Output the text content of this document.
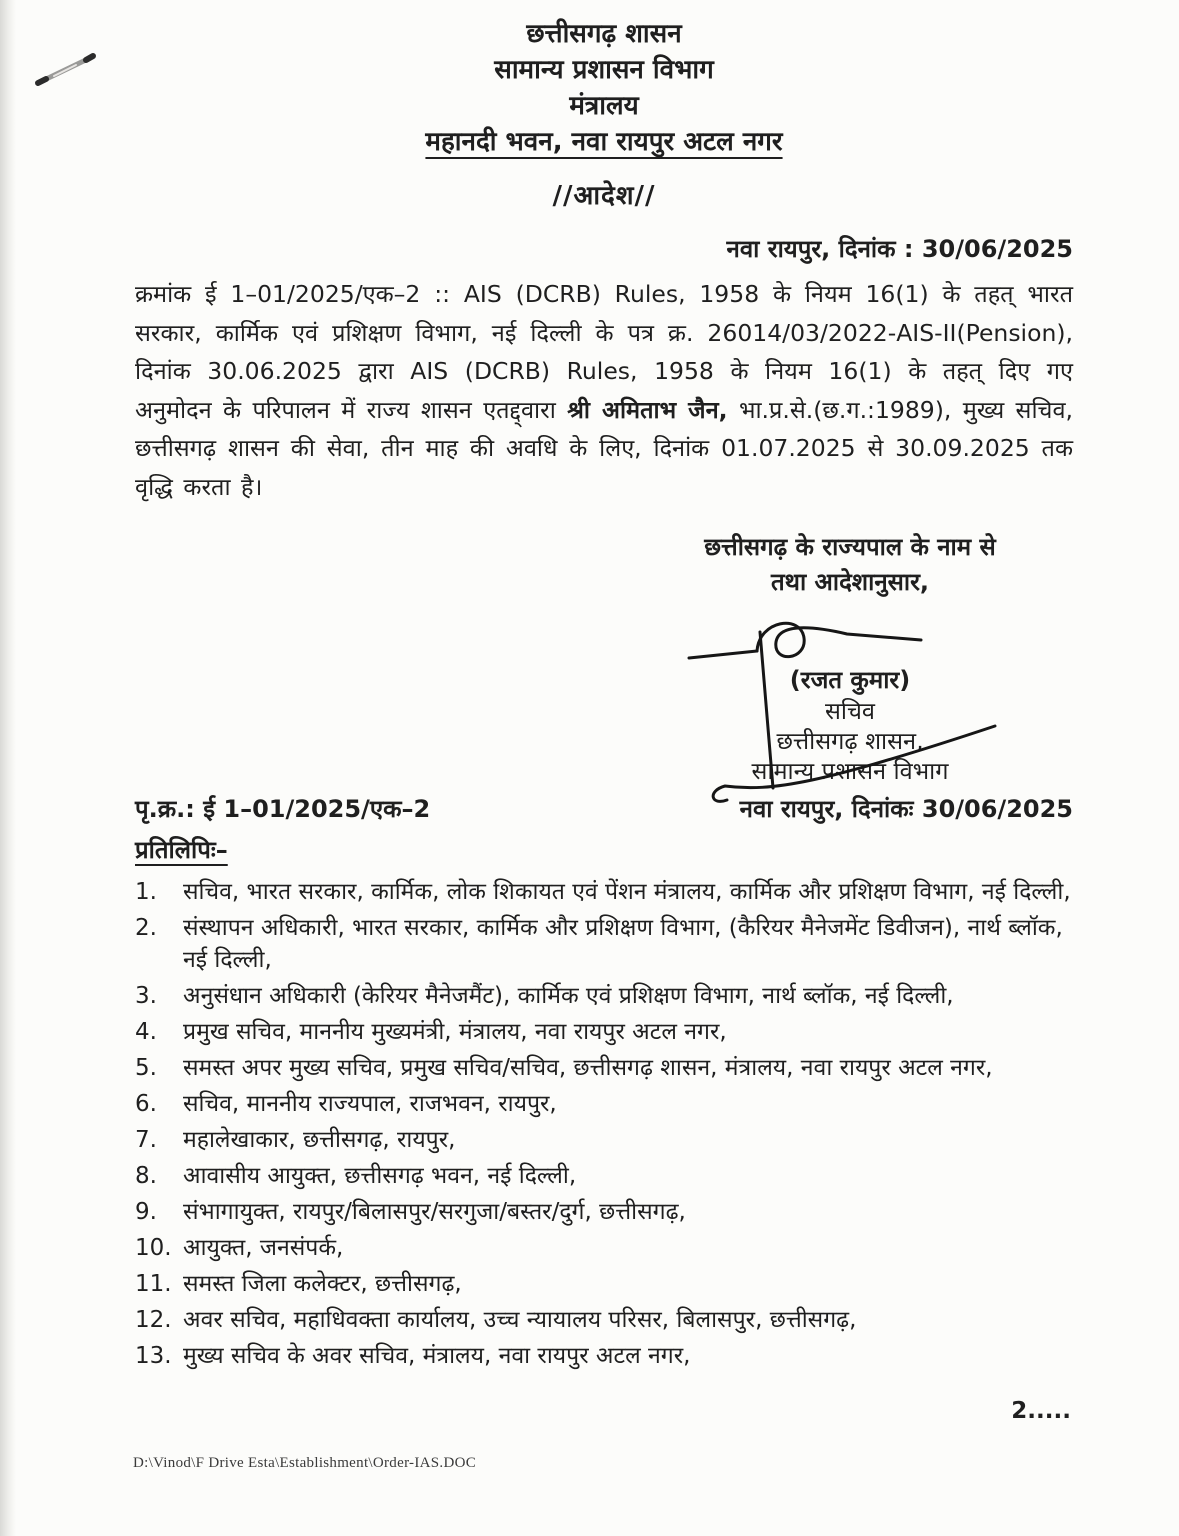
छत्तीसगढ़ शासन
सामान्य प्रशासन विभाग
मंत्रालय
महानदी भवन, नवा रायपुर अटल नगर
//आदेश//
नवा रायपुर, दिनांक : 30/06/2025

क्रमांक ई 1–01/2025/एक–2 :: AIS (DCRB) Rules, 1958 के नियम 16(1) के तहत् भारत सरकार, कार्मिक एवं प्रशिक्षण विभाग, नई दिल्ली के पत्र क्र. 26014/03/2022-AIS-II(Pension), दिनांक 30.06.2025 द्वारा AIS (DCRB) Rules, 1958 के नियम 16(1) के तहत् दिए गए अनुमोदन के परिपालन में राज्य शासन एतद्द्वारा श्री अमिताभ जैन, भा.प्र.से.(छ.ग.:1989), मुख्य सचिव, छत्तीसगढ़ शासन की सेवा, तीन माह की अवधि के लिए, दिनांक 01.07.2025 से 30.09.2025 तक वृद्धि करता है।

छत्तीसगढ़ के राज्यपाल के नाम से
तथा आदेशानुसार,
(रजत कुमार)
सचिव
छत्तीसगढ़ शासन,
सामान्य प्रशासन विभाग
पृ.क्र.: ई 1–01/2025/एक–2	नवा रायपुर, दिनांकः 30/06/2025
प्रतिलिपिः–
1.	सचिव, भारत सरकार, कार्मिक, लोक शिकायत एवं पेंशन मंत्रालय, कार्मिक और प्रशिक्षण विभाग, नई दिल्ली,
2.	संस्थापन अधिकारी, भारत सरकार, कार्मिक और प्रशिक्षण विभाग, (कैरियर मैनेजमेंट डिवीजन), नार्थ ब्लॉक, नई दिल्ली,
3.	अनुसंधान अधिकारी (केरियर मैनेजमैंट), कार्मिक एवं प्रशिक्षण विभाग, नार्थ ब्लॉक, नई दिल्ली,
4.	प्रमुख सचिव, माननीय मुख्यमंत्री, मंत्रालय, नवा रायपुर अटल नगर,
5.	समस्त अपर मुख्य सचिव, प्रमुख सचिव/सचिव, छत्तीसगढ़ शासन, मंत्रालय, नवा रायपुर अटल नगर,
6.	सचिव, माननीय राज्यपाल, राजभवन, रायपुर,
7.	महालेखाकार, छत्तीसगढ़, रायपुर,
8.	आवासीय आयुक्त, छत्तीसगढ़ भवन, नई दिल्ली,
9.	संभागायुक्त, रायपुर/बिलासपुर/सरगुजा/बस्तर/दुर्ग, छत्तीसगढ़,
10. आयुक्त, जनसंपर्क,
11. समस्त जिला कलेक्टर, छत्तीसगढ़,
12. अवर सचिव, महाधिवक्ता कार्यालय, उच्च न्यायालय परिसर, बिलासपुर, छत्तीसगढ़,
13. मुख्य सचिव के अवर सचिव, मंत्रालय, नवा रायपुर अटल नगर,
2.....
D:\Vinod\F Drive Esta\Establishment\Order-IAS.DOC
